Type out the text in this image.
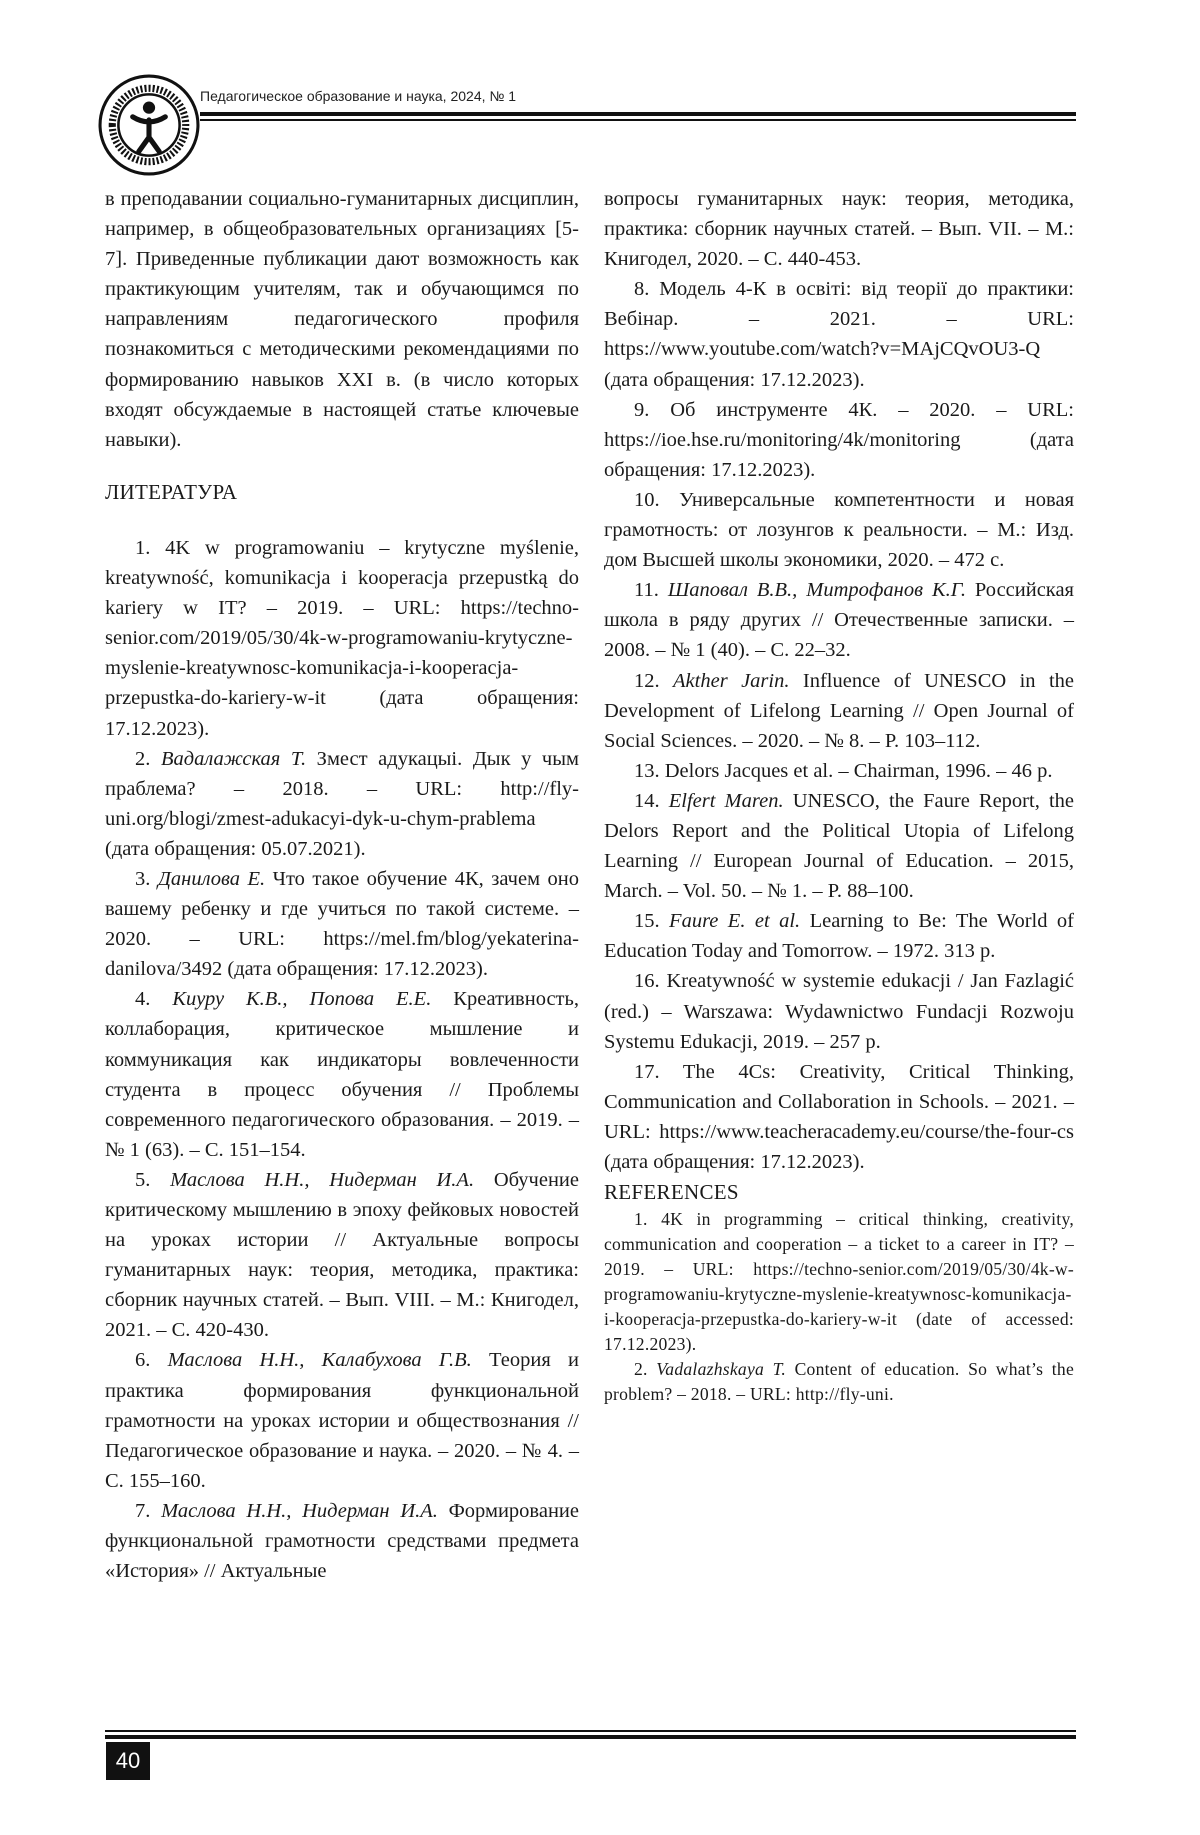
Педагогическое образование и наука, 2024, № 1

в преподавании социально-гуманитарных дисциплин, например, в общеобразовательных организациях [5-7]. Приведенные публикации дают возможность как практикующим учителям, так и обучающимся по направлениям педагогического профиля познакомиться с методическими рекомендациями по формированию навыков XXI в. (в число которых входят обсуждаемые в настоящей статье ключевые навыки).

ЛИТЕРАТУРА

1. 4K w programowaniu – krytyczne myślenie, kreatywność, komunikacja i kooperacja przepustką do kariery w IT? – 2019. – URL: https://techno-senior.com/2019/05/30/4k-w-programowaniu-krytyczne-myslenie-kreatywnosc-komunikacja-i-kooperacja-przepustka-do-kariery-w-it (дата обращения: 17.12.2023).

2. Вадалажская Т. Змест адукацыі. Дык у чым праблема? – 2018. – URL: http://fly-uni.org/blogi/zmest-adukacyi-dyk-u-chym-prablema (дата обращения: 05.07.2021).

3. Данилова Е. Что такое обучение 4К, зачем оно вашему ребенку и где учиться по такой системе. – 2020. – URL: https://mel.fm/blog/yekaterina-danilova/3492 (дата обращения: 17.12.2023).

4. Киуру К.В., Попова Е.Е. Креативность, коллаборация, критическое мышление и коммуникация как индикаторы вовлеченности студента в процесс обучения // Проблемы современного педагогического образования. – 2019. – № 1 (63). – С. 151–154.

5. Маслова Н.Н., Нидерман И.А. Обучение критическому мышлению в эпоху фейковых новостей на уроках истории // Актуальные вопросы гуманитарных наук: теория, методика, практика: сборник научных статей. – Вып. VIII. – М.: Книгодел, 2021. – С. 420-430.

6. Маслова Н.Н., Калабухова Г.В. Теория и практика формирования функциональной грамотности на уроках истории и обществознания // Педагогическое образование и наука. – 2020. – № 4. – С. 155–160.

7. Маслова Н.Н., Нидерман И.А. Формирование функциональной грамотности средствами предмета «История» // Актуальные

вопросы гуманитарных наук: теория, методика, практика: сборник научных статей. – Вып. VII. – М.: Книгодел, 2020. – С. 440-453.

8. Модель 4-К в освіті: від теорії до практики: Вебінар. – 2021. – URL: https://www.youtube.com/watch?v=MAjCQvOU3-Q (дата обращения: 17.12.2023).

9. Об инструменте 4К. – 2020. – URL: https://ioe.hse.ru/monitoring/4k/monitoring (дата обращения: 17.12.2023).

10. Универсальные компетентности и новая грамотность: от лозунгов к реальности. – М.: Изд. дом Высшей школы экономики, 2020. – 472 с.

11. Шаповал В.В., Митрофанов К.Г. Российская школа в ряду других // Отечественные записки. – 2008. – № 1 (40). – С. 22–32.

12. Akther Jarin. Influence of UNESCO in the Development of Lifelong Learning // Open Journal of Social Sciences. – 2020. – № 8. – P. 103–112.

13. Delors Jacques et al. – Chairman, 1996. – 46 p.

14. Elfert Maren. UNESCO, the Faure Report, the Delors Report and the Political Utopia of Lifelong Learning // European Journal of Education. – 2015, March. – Vol. 50. – № 1. – P. 88–100.

15. Faure E. et al. Learning to Be: The World of Education Today and Tomorrow. – 1972. 313 p.

16. Kreatywność w systemie edukacji / Jan Fazlagić (red.) – Warszawa: Wydawnictwo Fundacji Rozwoju Systemu Edukacji, 2019. – 257 p.

17. The 4Cs: Creativity, Critical Thinking, Communication and Collaboration in Schools. – 2021. – URL: https://www.teacheracademy.eu/course/the-four-cs (дата обращения: 17.12.2023).

REFERENCES

1. 4K in programming – critical thinking, creativity, communication and cooperation – a ticket to a career in IT? – 2019. – URL: https://techno-senior.com/2019/05/30/4k-w-programowaniu-krytyczne-myslenie-kreatywnosc-komunikacja-i-kooperacja-przepustka-do-kariery-w-it (date of accessed: 17.12.2023).

2. Vadalazhskaya T. Content of education. So what’s the problem? – 2018. – URL: http://fly-uni.

40
